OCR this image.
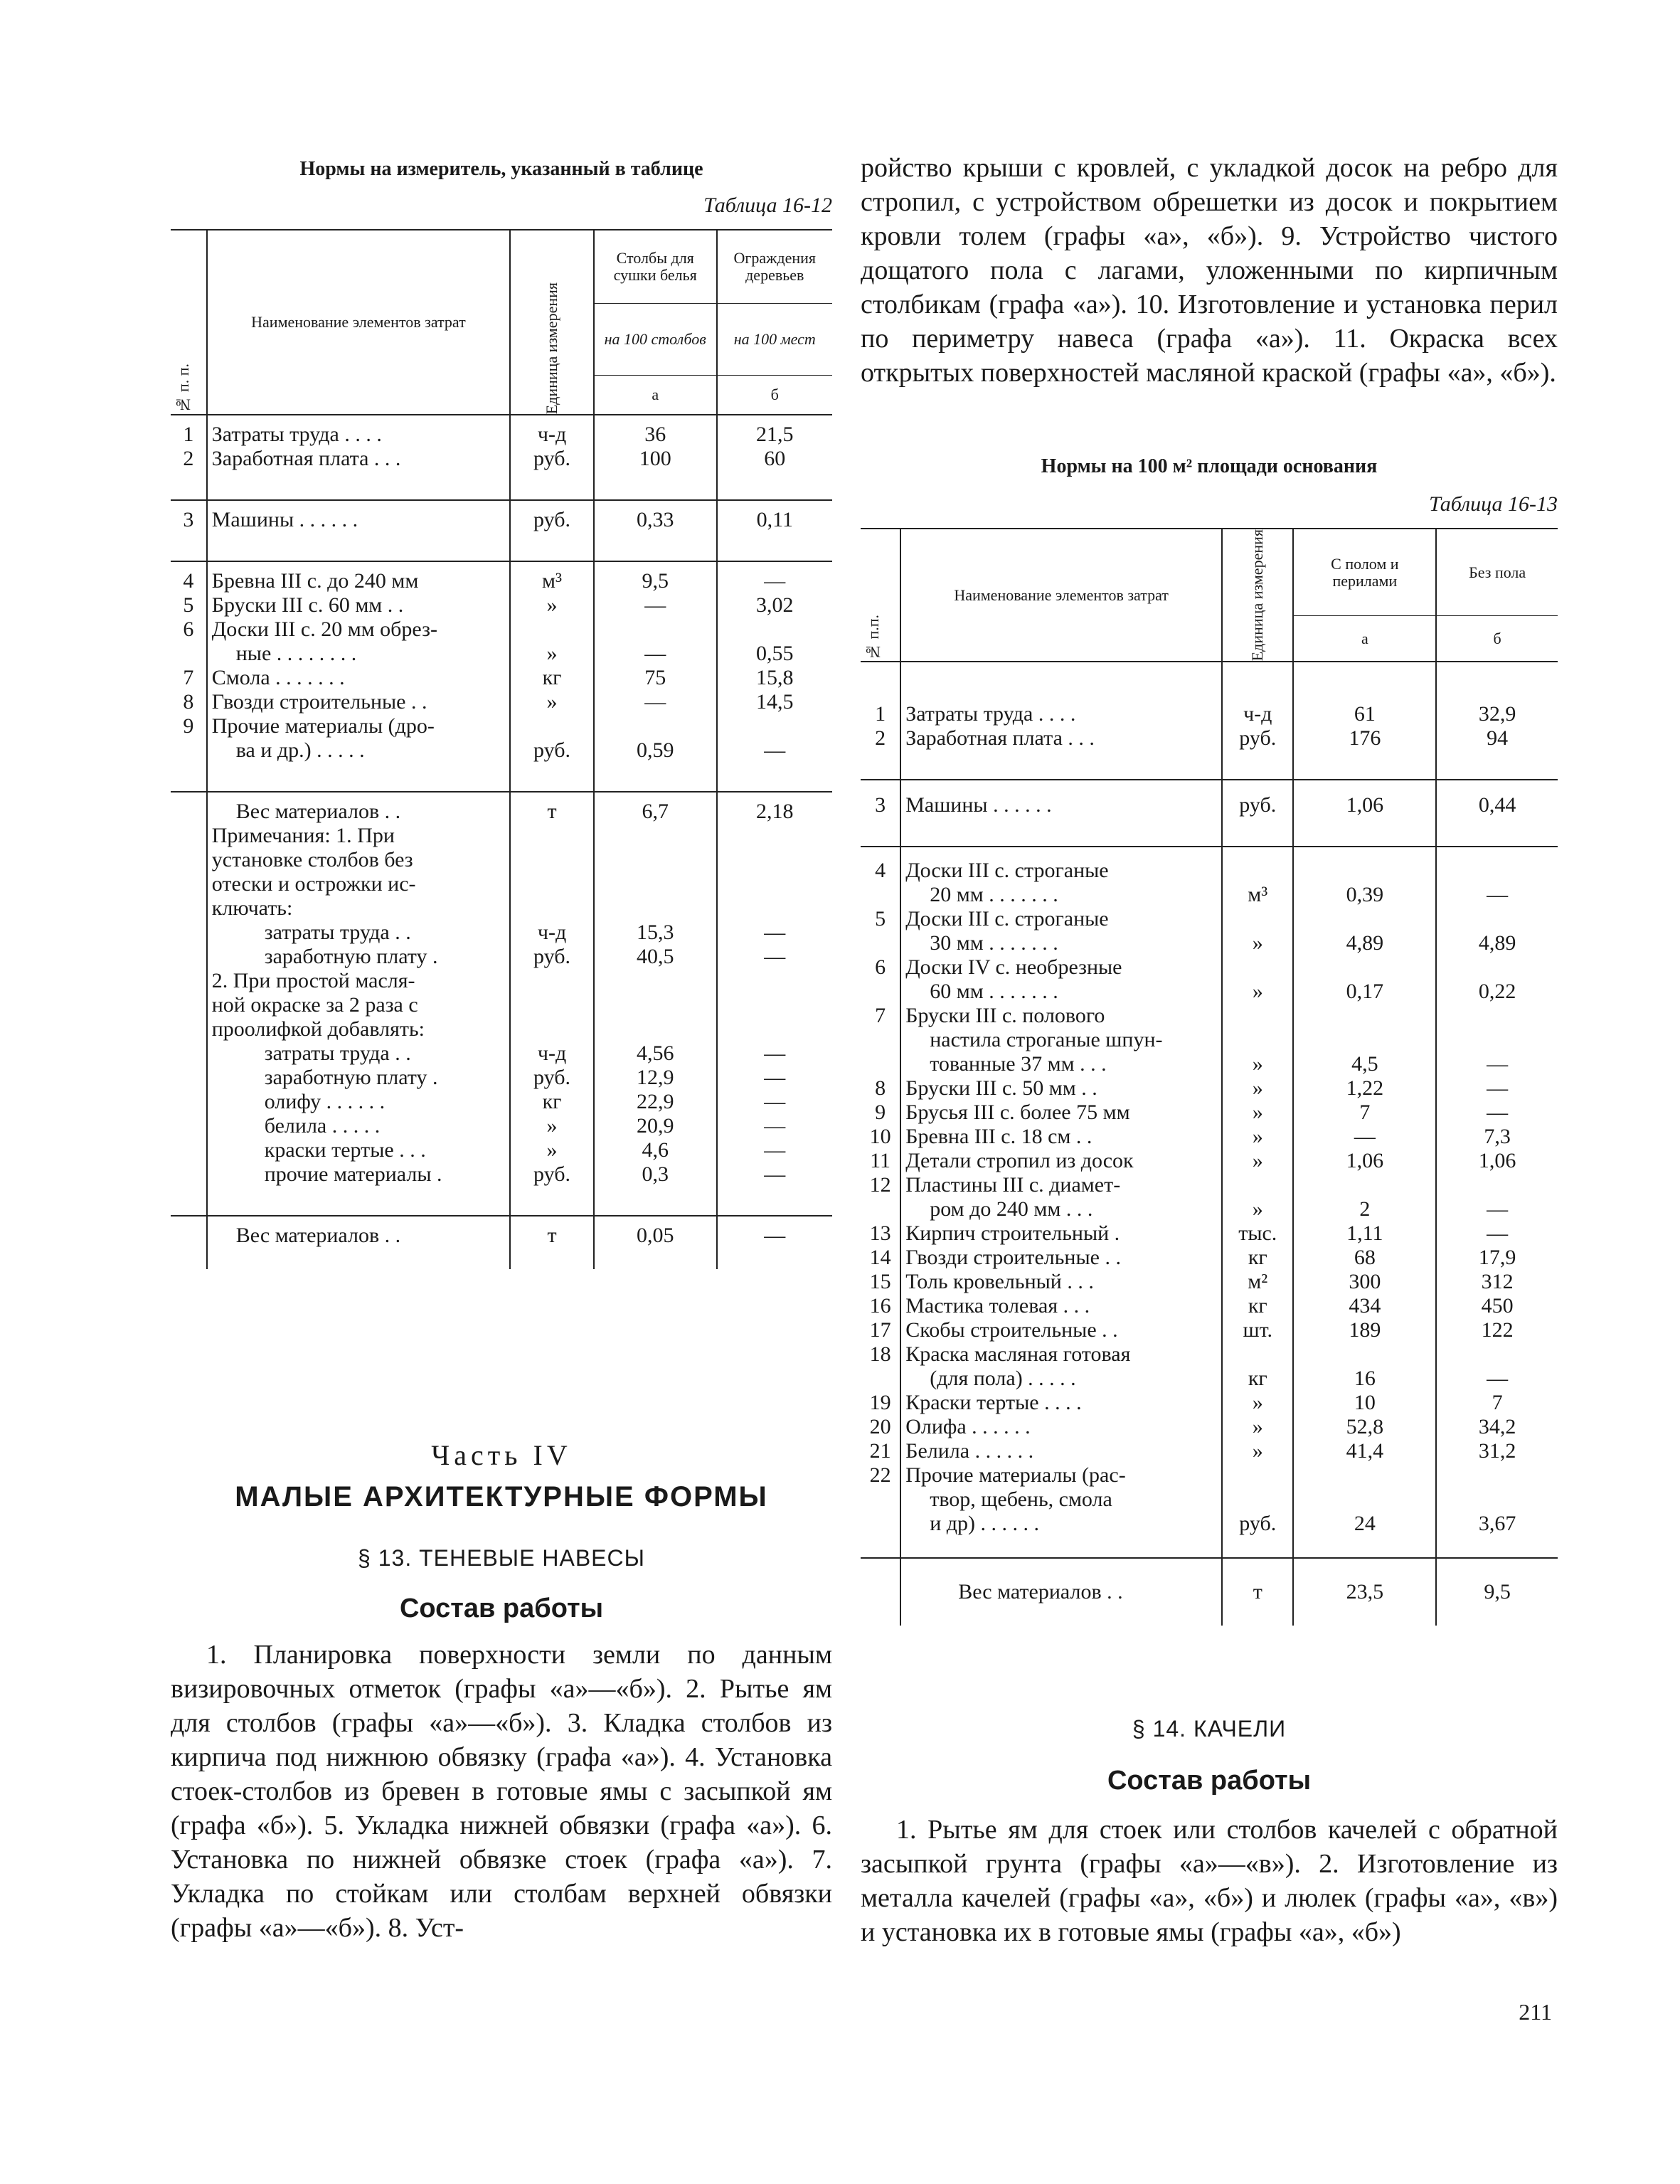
Нормы на измеритель, указанный в таблице
Таблица 16-12
№ п. п.	Наименование элементов затрат	Единица измерения	Столбы для сушки белья	Ограждения деревьев
			на 100 столбов	на 100 мест
			а	б

1	Затраты труда . . . .	ч-д	36	21,5
2	Заработная плата . . .	руб.	100	60

3	Машины . . . . . .	руб.	0,33	0,11

4	Бревна III с. до 240 мм	м³	9,5	—
5	Бруски III с. 60 мм . .	»	—	3,02
6	Доски III с. 20 мм обрез-			
	ные . . . . . . . .	»	—	0,55
7	Смола . . . . . . .	кг	75	15,8
8	Гвозди строительные . .	»	—	14,5
9	Прочие материалы (дро-			
	ва и др.) . . . . .	руб.	0,59	—

	Вес материалов . .	т	6,7	2,18
	Примечания: 1. При			
	установке столбов без			
	отески и острожки ис-			
	ключать:			
	затраты труда . .	ч-д	15,3	—
	заработную плату .	руб.	40,5	—
	2. При простой масля-			
	ной окраске за 2 раза с			
	проолифкой добавлять:			
	затраты труда . .	ч-д	4,56	—
	заработную плату .	руб.	12,9	—
	олифу . . . . . .	кг	22,9	—
	белила . . . . .	»	20,9	—
	краски тертые . . .	»	4,6	—
	прочие материалы .	руб.	0,3	—

	Вес материалов . .	т	0,05	—

Часть IV
МАЛЫЕ АРХИТЕКТУРНЫЕ ФОРМЫ
§ 13. ТЕНЕВЫЕ НАВЕСЫ
Состав работы

1. Планировка поверхности земли по данным визировочных отметок (графы «а»—«б»). 2. Рытье ям для столбов (графы «а»—«б»). 3. Кладка столбов из кирпича под нижнюю обвязку (графа «а»). 4. Установка стоек-столбов из бревен в готовые ямы с засыпкой ям (графа «б»). 5. Укладка нижней обвязки (графа «а»). 6. Установка по нижней обвязке стоек (графа «а»). 7. Укладка по стойкам или столбам верхней обвязки (графы «а»—«б»). 8. Уст-

ройство крыши с кровлей, с укладкой досок на ребро для стропил, с устройством обрешетки из досок и покрытием кровли толем (графы «а», «б»). 9. Устройство чистого дощатого пола с лагами, уложенными по кирпичным столбикам (графа «а»). 10. Изготовление и установка перил по периметру навеса (графа «а»). 11. Окраска всех открытых поверхностей масляной краской (графы «а», «б»).

Нормы на 100 м² площади основания
Таблица 16-13
№ п.п.	Наименование элементов затрат	Единица измерения	С полом и перилами	Без пола
			а	б

1	Затраты труда . . . .	ч-д	61	32,9
2	Заработная плата . . .	руб.	176	94

3	Машины . . . . . .	руб.	1,06	0,44

4	Доски III с. строганые			
	20 мм . . . . . . .	м³	0,39	—
5	Доски III с. строганые			
	30 мм . . . . . . .	»	4,89	4,89
6	Доски IV с. необрезные			
	60 мм . . . . . . .	»	0,17	0,22
7	Бруски III с. полового			
	настила строганые шпун-			
	тованные 37 мм . . .	»	4,5	—
8	Бруски III с. 50 мм . .	»	1,22	—
9	Брусья III с. более 75 мм	»	7	—
10	Бревна III с. 18 см . .	»	—	7,3
11	Детали стропил из досок	»	1,06	1,06
12	Пластины III с. диамет-			
	ром до 240 мм . . .	»	2	—
13	Кирпич строительный .	тыс.	1,11	—
14	Гвозди строительные . .	кг	68	17,9
15	Толь кровельный . . .	м²	300	312
16	Мастика толевая . . .	кг	434	450
17	Скобы строительные . .	шт.	189	122
18	Краска масляная готовая			
	(для пола) . . . . .	кг	16	—
19	Краски тертые . . . .	»	10	7
20	Олифа . . . . . .	»	52,8	34,2
21	Белила . . . . . .	»	41,4	31,2
22	Прочие материалы (рас-			
	твор, щебень, смола			
	и др) . . . . . .	руб.	24	3,67

	Вес материалов . .	т	23,5	9,5

§ 14. КАЧЕЛИ
Состав работы

1. Рытье ям для стоек или столбов качелей с обратной засыпкой грунта (графы «а»—«в»). 2. Изготовление из металла качелей (графы «а», «б») и люлек (графы «а», «в») и установка их в готовые ямы (графы «а», «б»)

211
